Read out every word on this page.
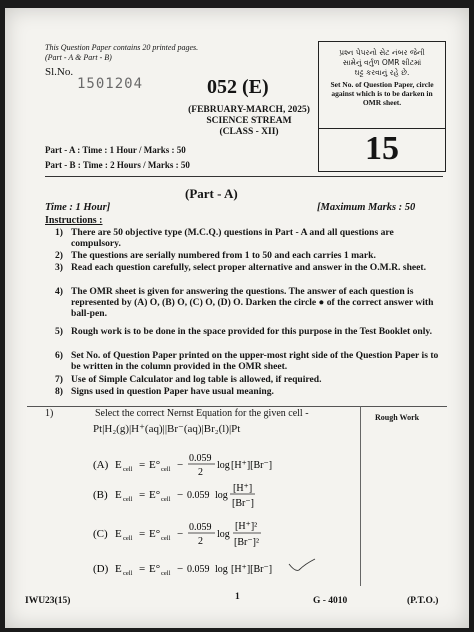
This Question Paper contains 20 printed pages.
(Part - A & Part - B)
Sl.No.
1501204	052 (E)
(FEBRUARY-MARCH, 2025)
SCIENCE STREAM
(CLASS - XII)
પ્રશ્ન પેપરનો સેટ નંબર જેની
સામેનું વર્તુળ OMR શીટમાં
ઘટ્ટ કરવાનું રહે છે.
Set No. of Question Paper, circle against which is to be darken in OMR sheet.
15
Part - A : Time : 1 Hour / Marks : 50
Part - B : Time : 2 Hours / Marks : 50
(Part - A)
Time : 1 Hour]	[Maximum Marks : 50
Instructions :
1) There are 50 objective type (M.C.Q.) questions in Part - A and all questions are compulsory.
2) The questions are serially numbered from 1 to 50 and each carries 1 mark.
3) Read each question carefully, select proper alternative and answer in the O.M.R. sheet.
4) The OMR sheet is given for answering the questions. The answer of each question is represented by (A) O, (B) O, (C) O, (D) O. Darken the circle ● of the correct answer with ball-pen.
5) Rough work is to be done in the space provided for this purpose in the Test Booklet only.
6) Set No. of Question Paper printed on the upper-most right side of the Question Paper is to be written in the column provided in the OMR sheet.
7) Use of Simple Calculator and log table is allowed, if required.
8) Signs used in question Paper have usual meaning.
Rough Work
1)	Select the correct Nernst Equation for the given cell -
Pt|H₂(g)|H⁺(aq)||Br⁻(aq)|Br₂(l)|Pt
(A) E cell = E° cell −
0.059
2
log [H⁺][Br⁻]
(B) E cell = E° cell − 0.059 log
[H⁺]
[Br⁻]
(C) E cell = E° cell −
0.059
2
log
[H⁺]²
[Br⁻]²
(D) E cell = E° cell − 0.059 log [H⁺][Br⁻]
IWU23(15)	1	G - 4010	(P.T.O.)
